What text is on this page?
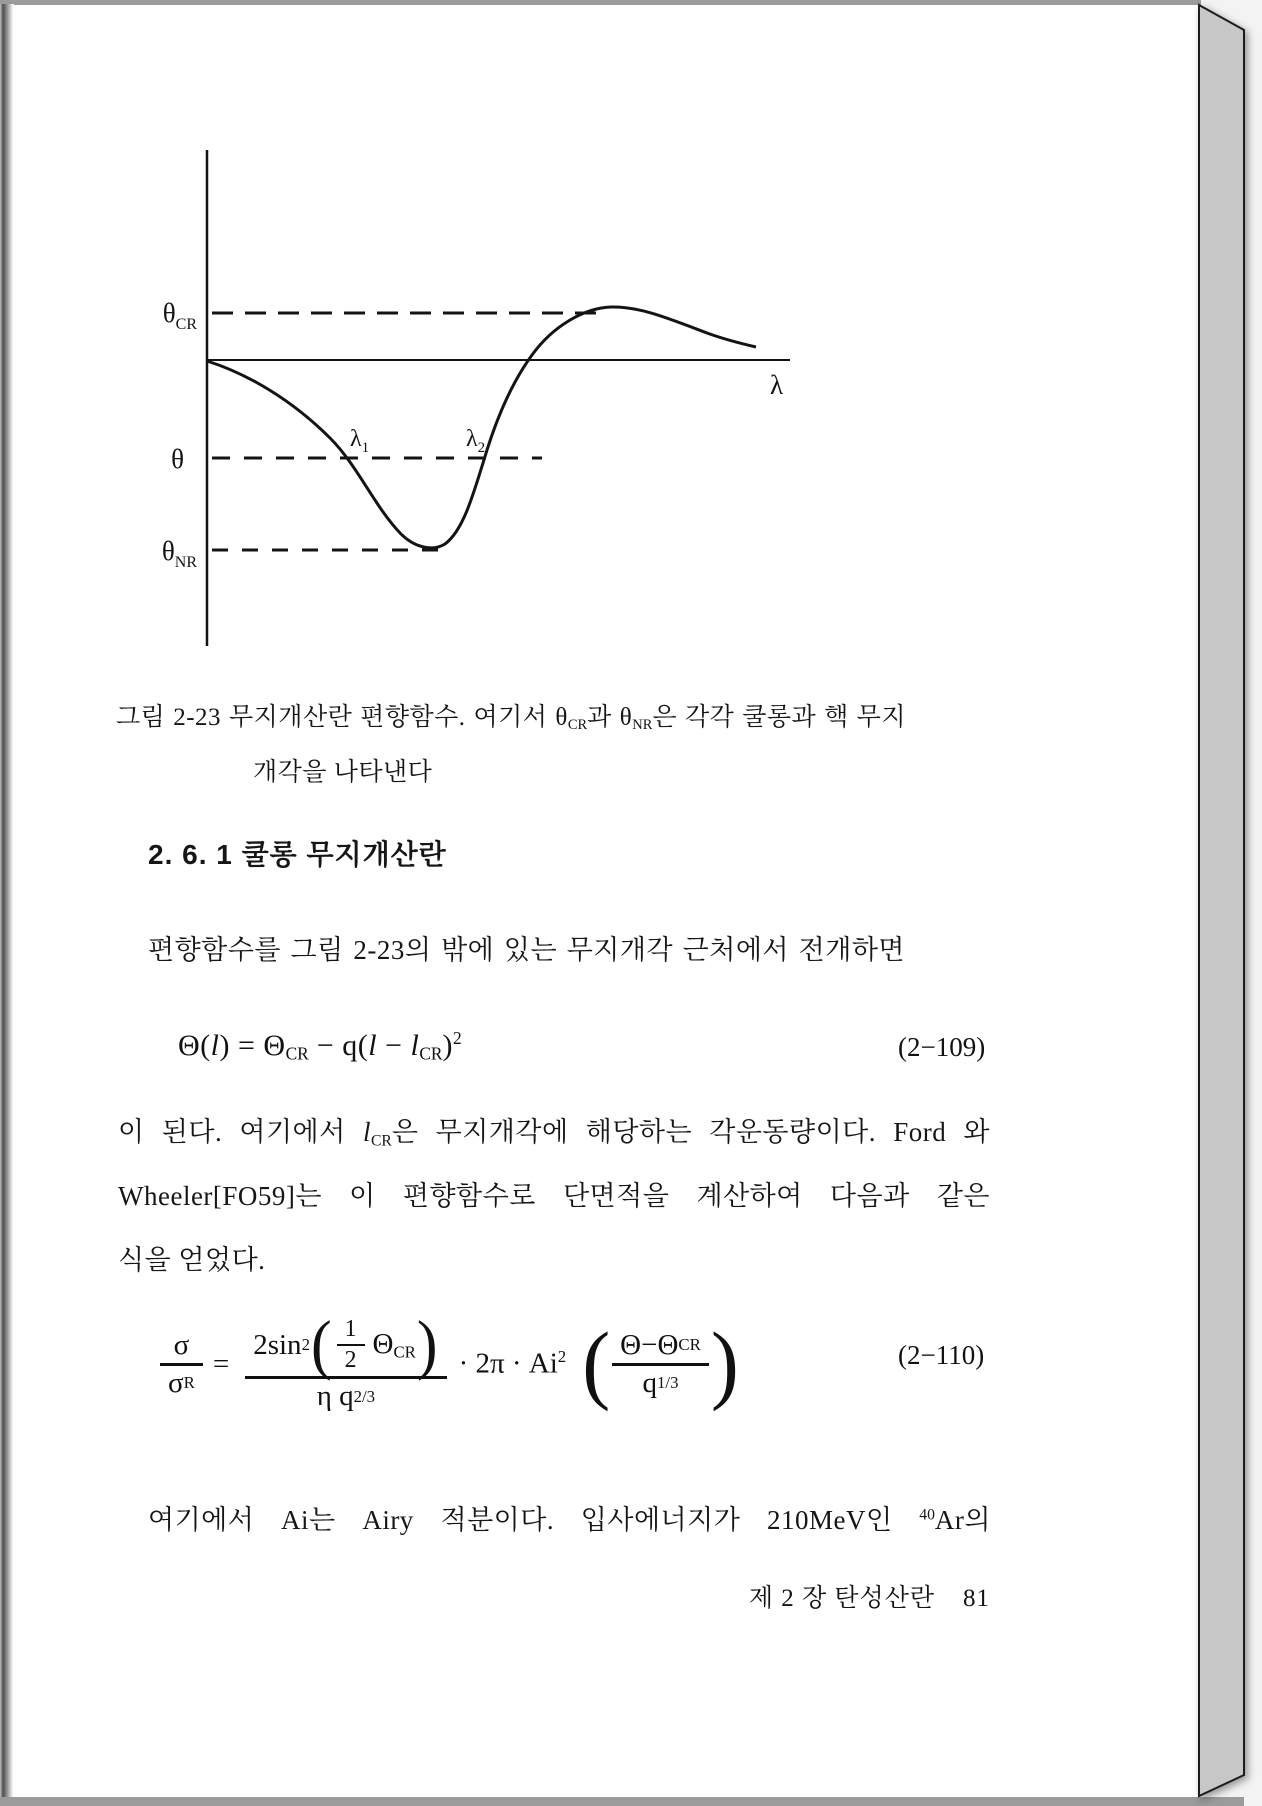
$\theta_{CR}$
θ
$\theta_{NR}$
λ
$\lambda_1$	$\lambda_2$
그림 2-23 무지개산란 편향함수. 여기서 $\theta_{CR}$과 $\theta_{NR}$은 각각 쿨롱과 핵 무지
개각을 나타낸다
2. 6. 1 쿨롱 무지개산란
편향함수를 그림 2-23의 밖에 있는 무지개각 근처에서 전개하면
$\Theta(l) = \Theta_{CR} - q(l - l_{CR})^2$	(2−109)
이 된다. 여기에서 $l_{CR}$은 무지개각에 해당하는 각운동량이다. Ford 와
Wheeler[FO59]는 이 편향함수로 단면적을 계산하여 다음과 같은
식을 얻었다.
$\frac{\sigma}{\text{σ R}}$ =
2sin 2 ( $\frac{1}{2} \Theta_{CR}$ )
η q 2/3
· $2\pi \cdot Ai^2$ ( $\frac{\text{Θ−Θ CR}}{q 1/3}$ )	(2−110)
여기에서 Ai는 Airy 적분이다. 입사에너지가 210MeV인 $^{40}$Ar의
제 2 장 탄성산란 81
